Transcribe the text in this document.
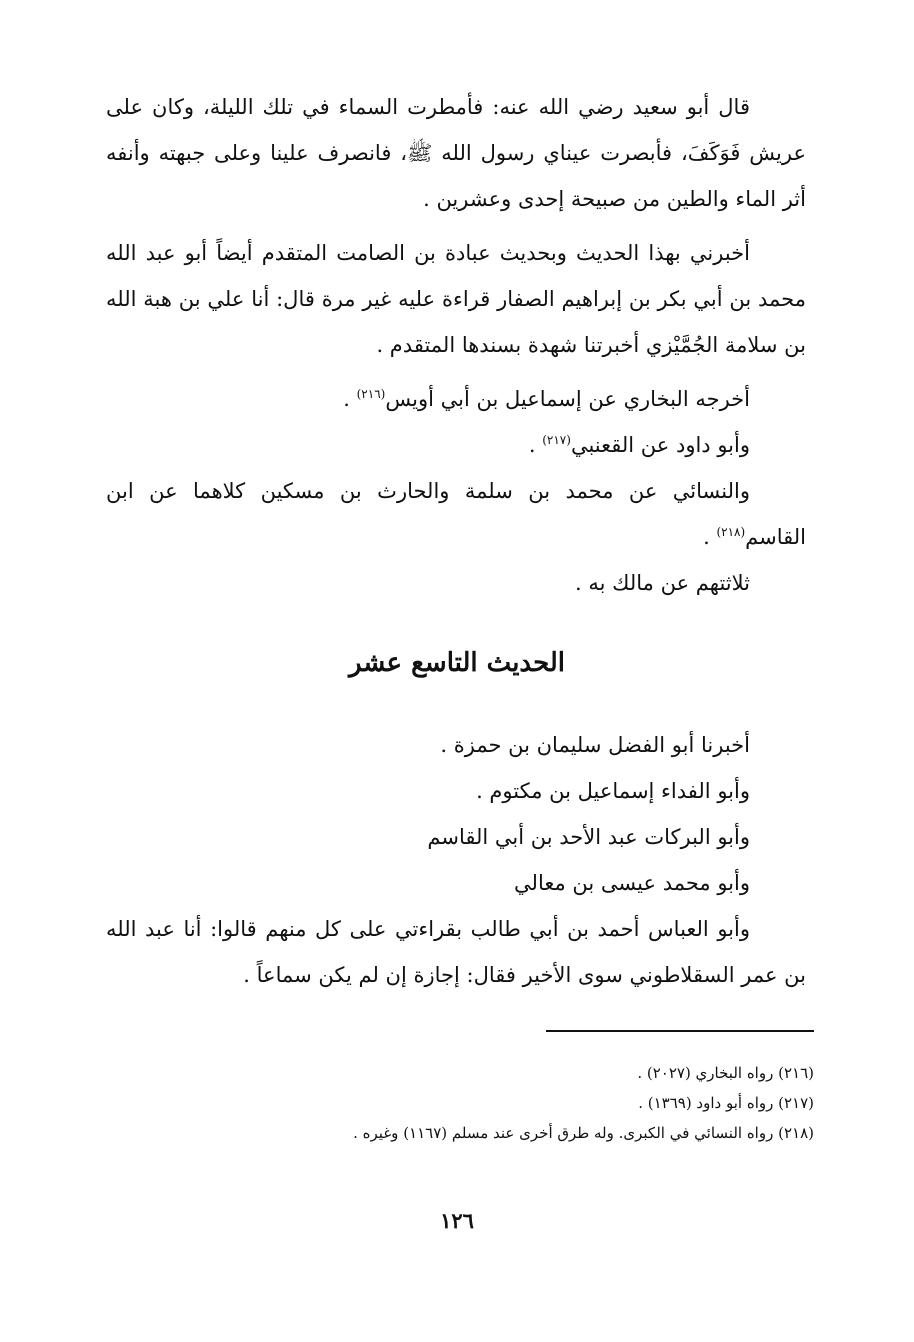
قال أبو سعيد رضي الله عنه: فأمطرت السماء في تلك الليلة، وكان على عريش فَوَكَفَ، فأبصرت عيناي رسول الله ﷺ، فانصرف علينا وعلى جبهته وأنفه أثر الماء والطين من صبيحة إحدى وعشرين .

أخبرني بهذا الحديث وبحديث عبادة بن الصامت المتقدم أيضاً أبو عبد الله محمد بن أبي بكر بن إبراهيم الصفار قراءة عليه غير مرة قال: أنا علي بن هبة الله بن سلامة الجُمَّيْزي أخبرتنا شهدة بسندها المتقدم .

أخرجه البخاري عن إسماعيل بن أبي أويس$^{(٢١٦)}$ .

وأبو داود عن القعنبي$^{(٢١٧)}$ .

والنسائي عن محمد بن سلمة والحارث بن مسكين كلاهما عن ابن القاسم$^{(٢١٨)}$ .

ثلاثتهم عن مالك به .

الحديث التاسع عشر
أخبرنا أبو الفضل سليمان بن حمزة .
وأبو الفداء إسماعيل بن مكتوم .
وأبو البركات عبد الأحد بن أبي القاسم
وأبو محمد عيسى بن معالي

وأبو العباس أحمد بن أبي طالب بقراءتي على كل منهم قالوا: أنا عبد الله بن عمر السقلاطوني سوى الأخير فقال: إجازة إن لم يكن سماعاً .

(٢١٦) رواه البخاري (٢٠٢٧) .
(٢١٧) رواه أبو داود (١٣٦٩) .
(٢١٨) رواه النسائي في الكبرى. وله طرق أخرى عند مسلم (١١٦٧) وغيره .
١٢٦
